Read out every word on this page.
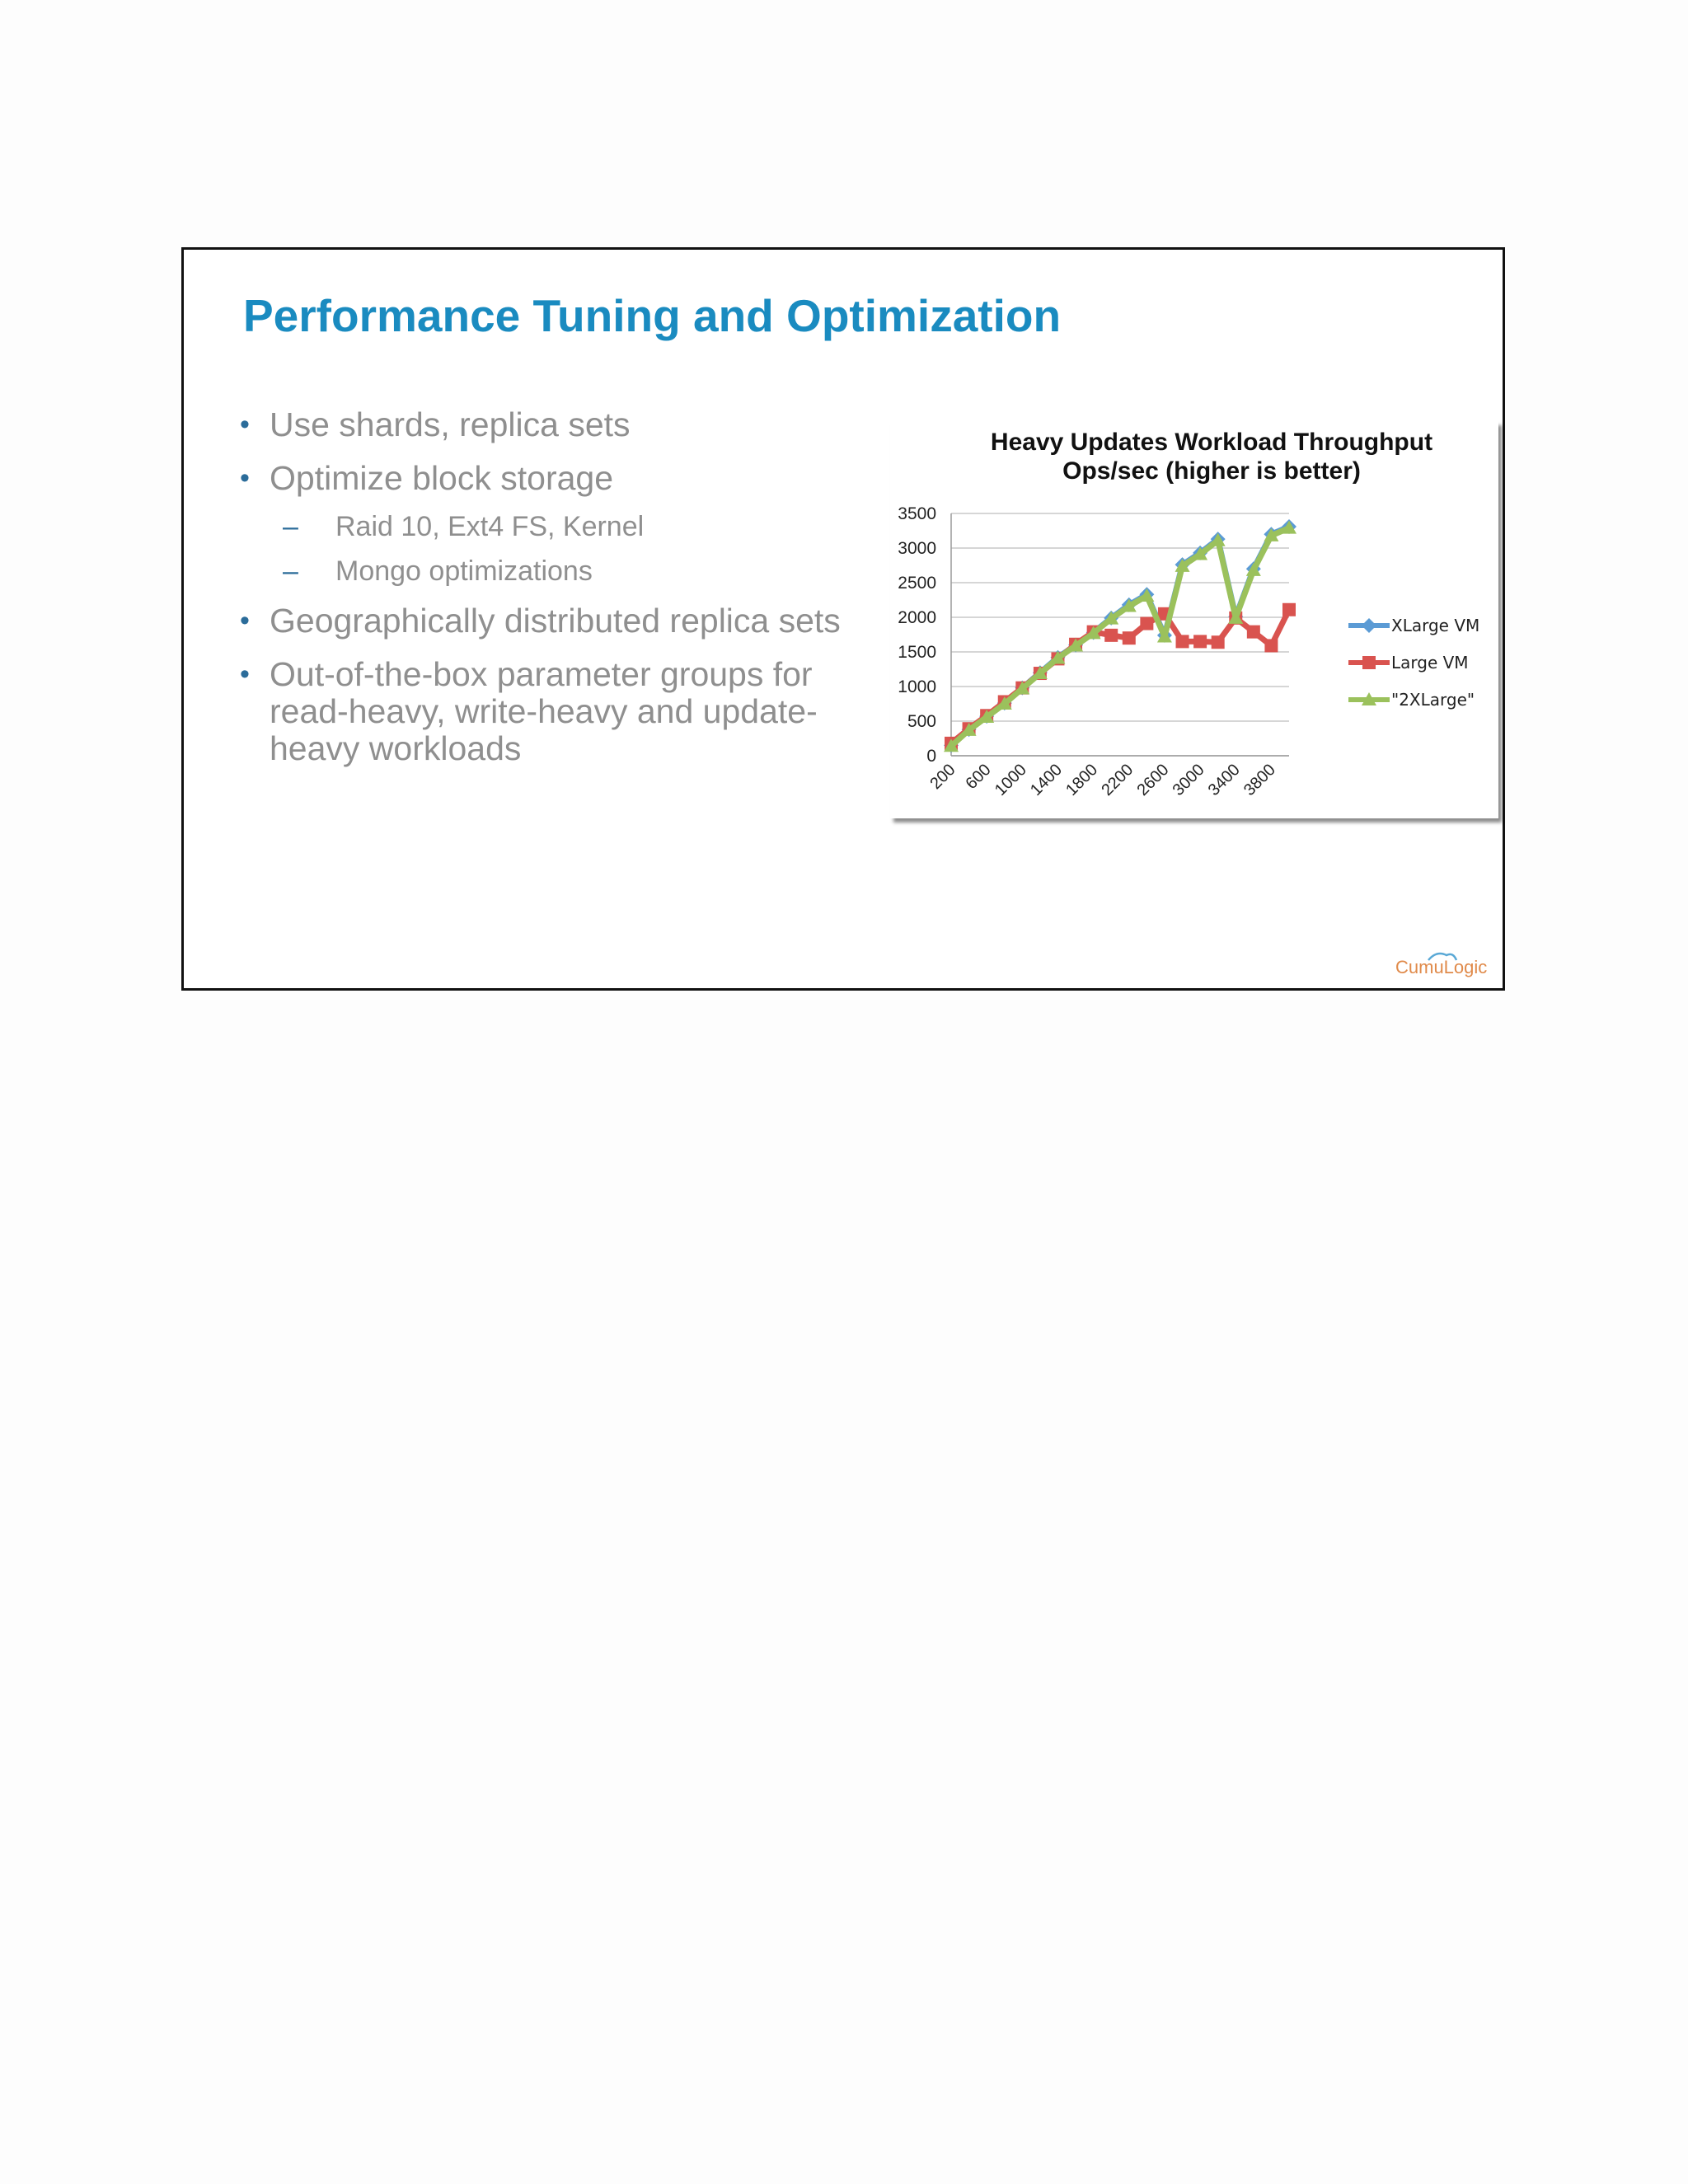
Performance Tuning and Optimization
• Use shards, replica sets
• Optimize block storage
– Raid 10, Ext4 FS, Kernel
– Mongo optimizations
• Geographically distributed replica sets
• Out-of-the-box parameter groups for
read-heavy, write-heavy and update-
heavy workloads
Heavy Updates Workload Throughput
Ops/sec (higher is better)
0
500
1000
1500
2000
2500
3000
3500
200 600
1000
1400
1800
2200
2600
3000
3400
3800
XLarge VM
Large VM
"2XLarge"
CumuLogic
